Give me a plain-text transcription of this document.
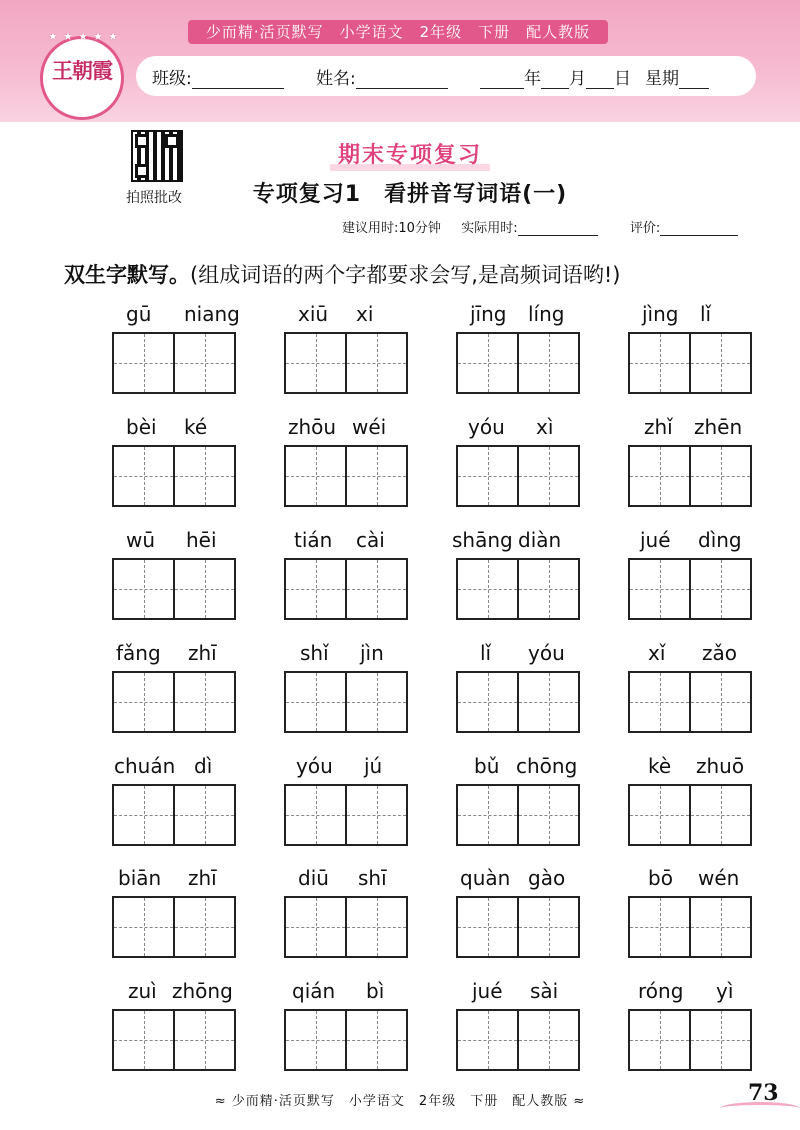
少而精·活页默写　小学语文　2年级　下册　配人教版
王朝霞
★ ★ ★ ★ ★
班级:	姓名:	年 月 日 星期
拍照批改
期末专项复习
专项复习1　看拼音写词语(一)
建议用时:10分钟 实际用时:	评价:
双生字默写。(组成词语的两个字都要求会写,是高频词语哟!)
gū niang	xiū xi	jīng líng	jìng lǐ
bèi ké	zhōu wéi	yóu xì	zhǐ zhēn
wū hēi	tián cài	shāng diàn	jué dìng
fǎng zhī	shǐ jìn	lǐ yóu	xǐ zǎo
chuán dì	yóu jú	bǔ chōng	kè zhuō
biān zhī	diū shī	quàn gào	bō wén
zuì zhōng	qián bì	jué sài	róng yì
≈ 少而精·活页默写　小学语文　2年级　下册　配人教版 ≈	73
